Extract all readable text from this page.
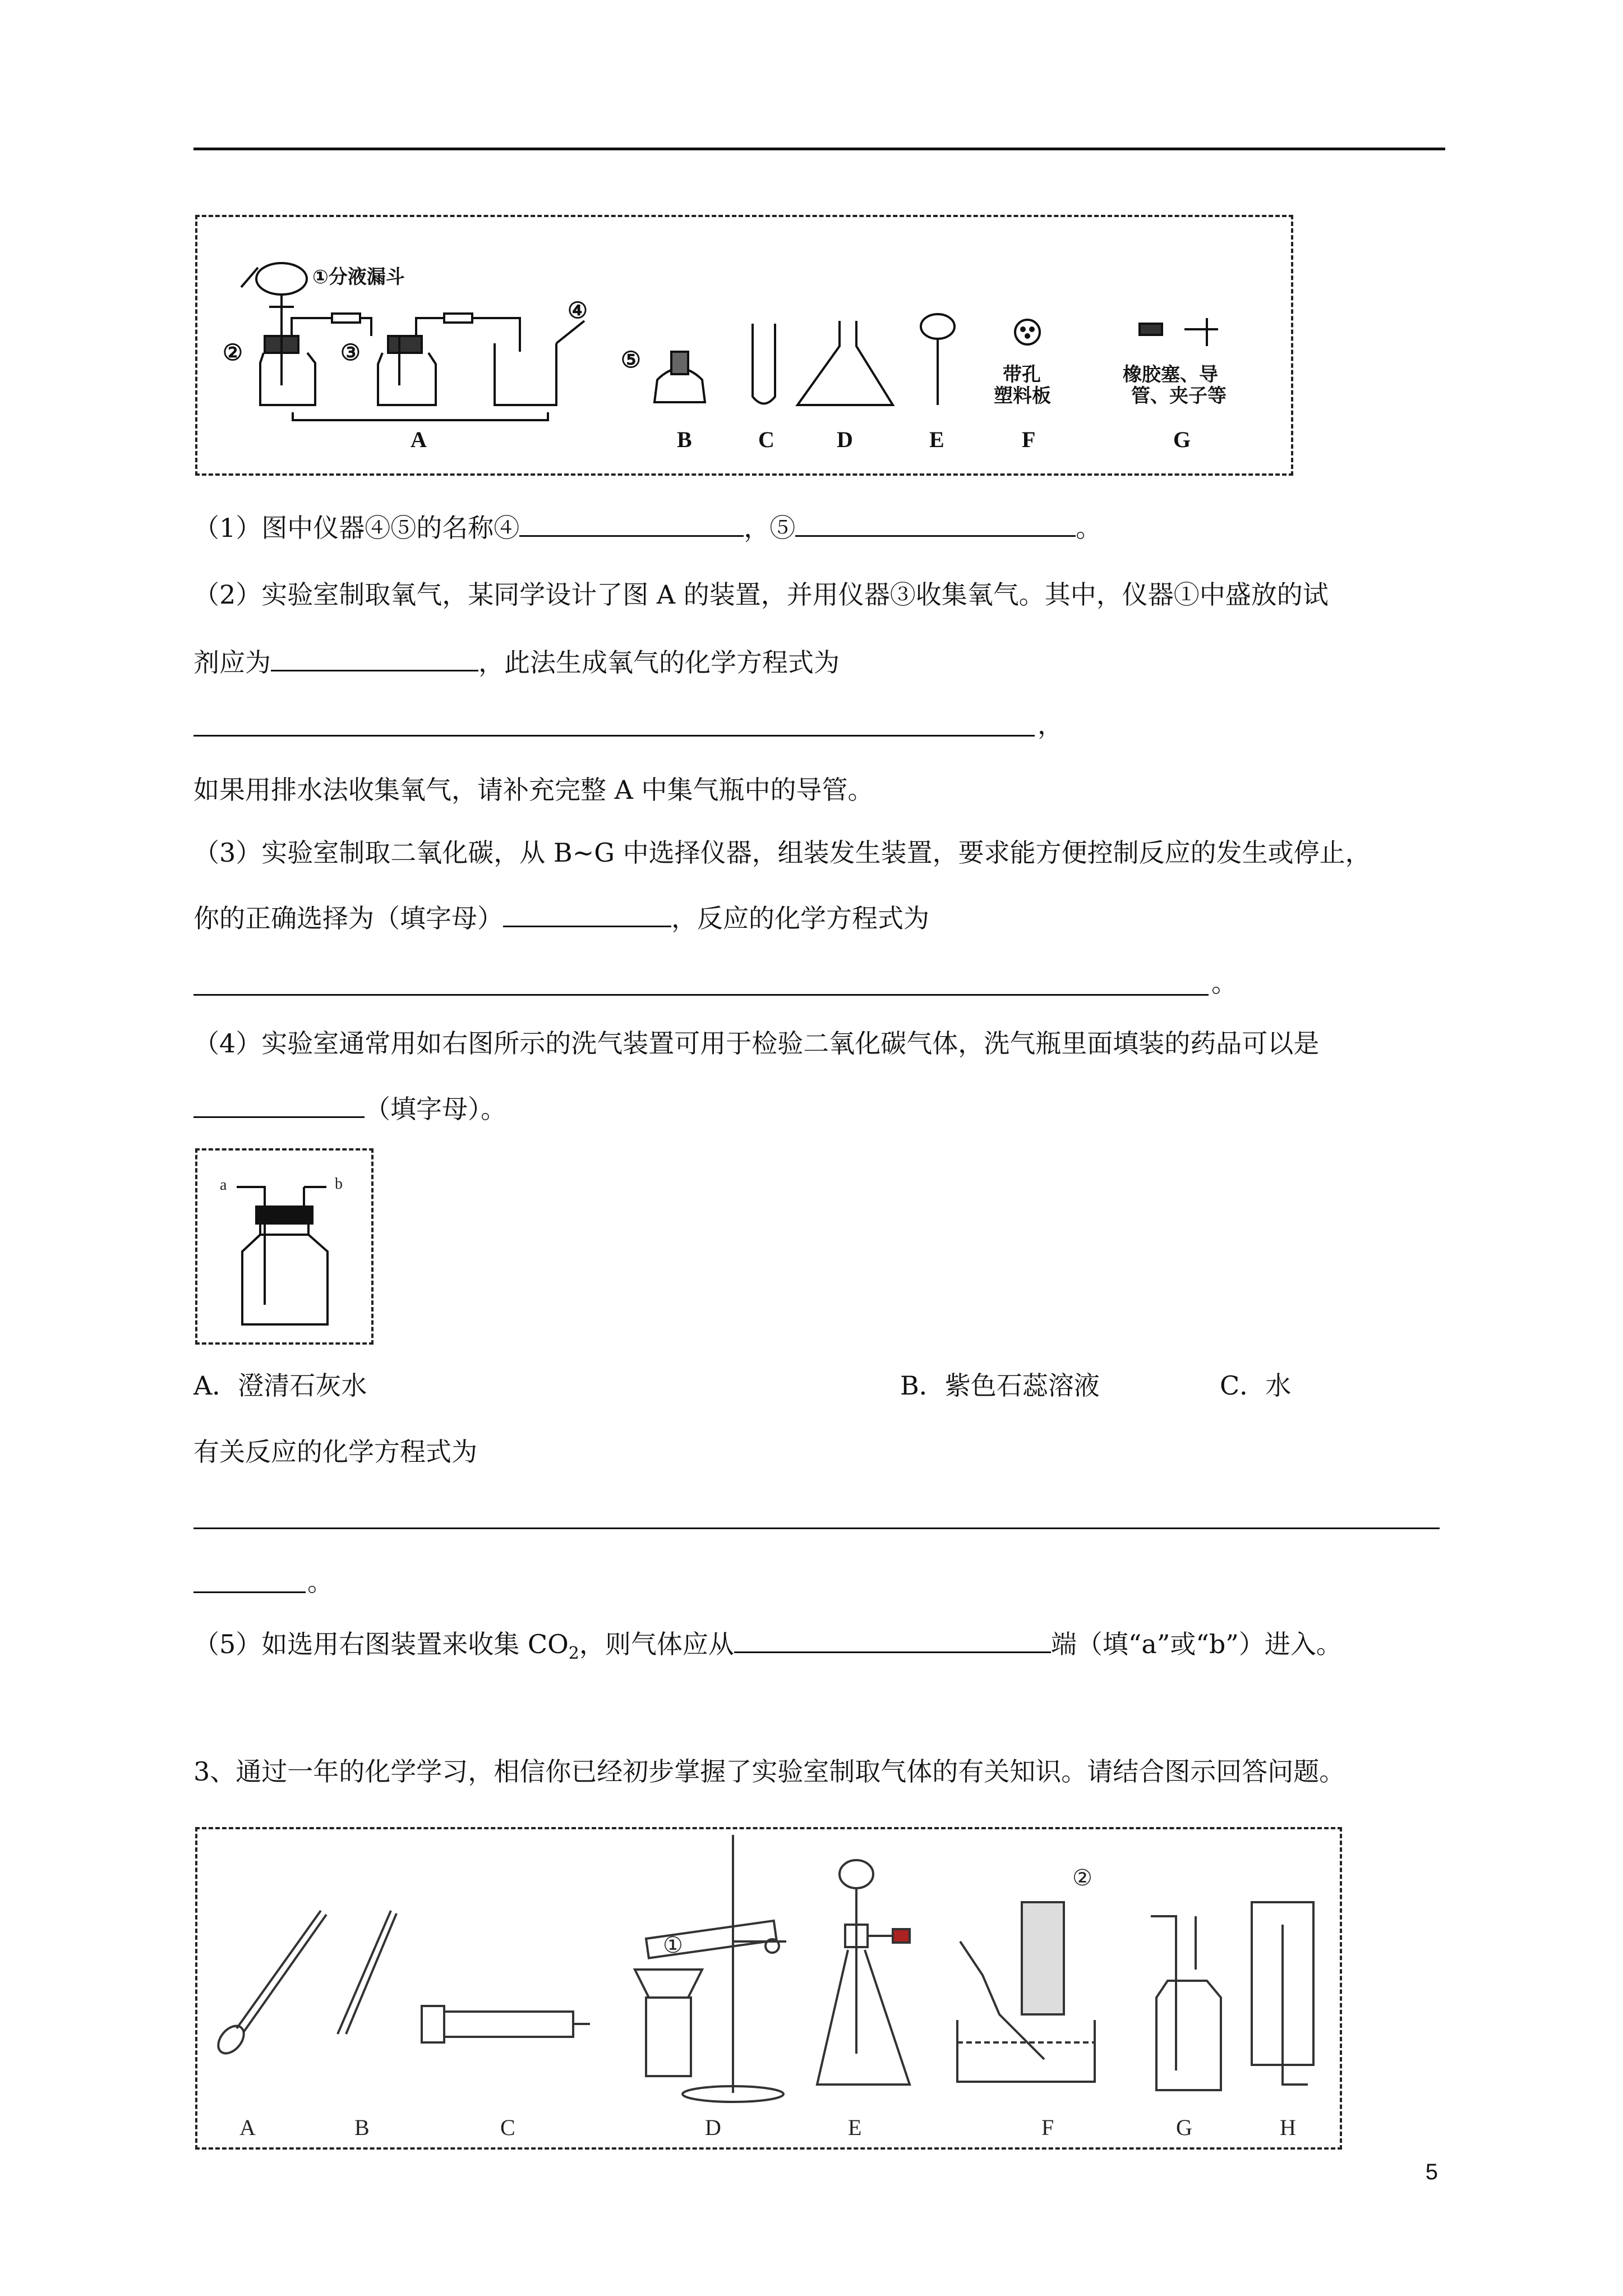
①分液漏斗
②	③
④
⑤
带孔
塑料板
橡胶塞、导
管、夹子等
A	B	C	D	E	F	G
（1）图中仪器④⑤的名称④	，⑤	。
（2）实验室制取氧气，某同学设计了图 A 的装置，并用仪器③收集氧气。其中，仪器①中盛放的试
剂应为	，此法生成氧气的化学方程式为
，
如果用排水法收集氧气，请补充完整 A 中集气瓶中的导管。
（3）实验室制取二氧化碳，从 B~G 中选择仪器，组装发生装置，要求能方便控制反应的发生或停止，
你的正确选择为（填字母）	，反应的化学方程式为
。
（4）实验室通常用如右图所示的洗气装置可用于检验二氧化碳气体，洗气瓶里面填装的药品可以是
（填字母）。
a	b
A．澄清石灰水	B．紫色石蕊溶液	C．水
有关反应的化学方程式为
。
（5）如选用右图装置来收集 $CO_2$，则气体应从	端（填“a”或“b”）进入。
3、通过一年的化学学习，相信你已经初步掌握了实验室制取气体的有关知识。请结合图示回答问题。
①
②
A	B	C	D	E	F	G	H
5
